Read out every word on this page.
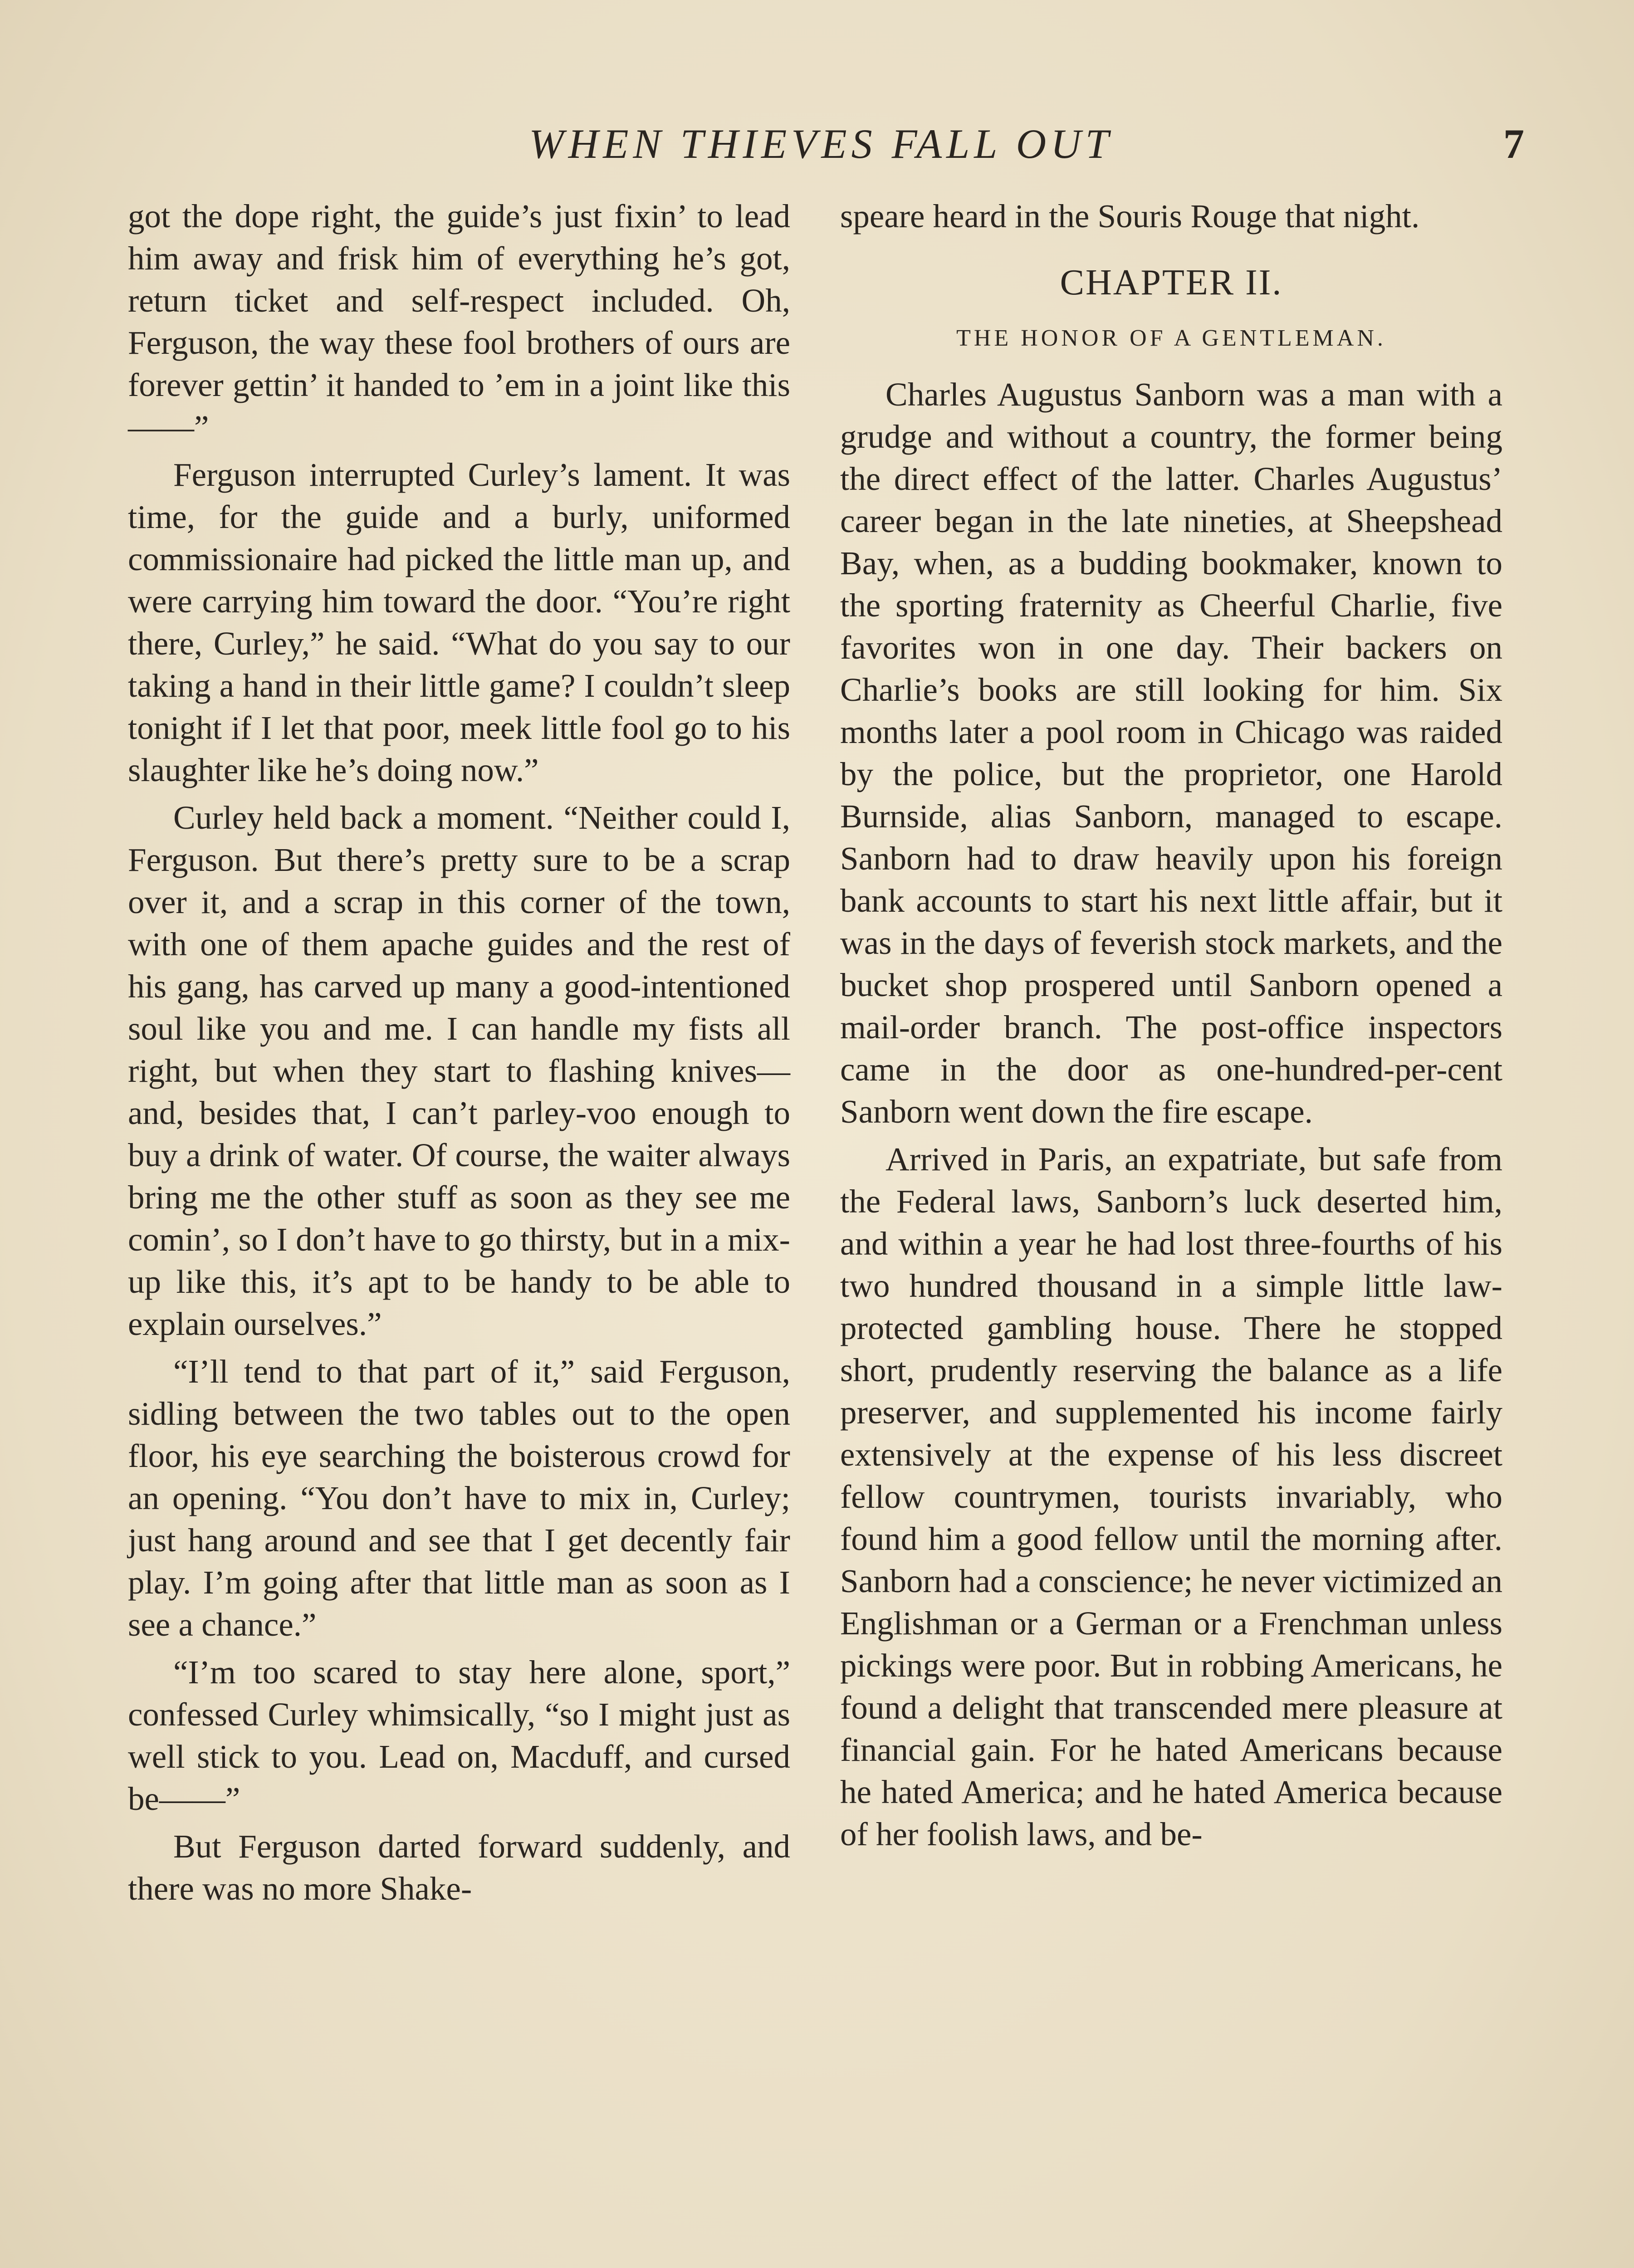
WHEN THIEVES FALL OUT	7

got the dope right, the guide’s just fixin’ to lead him away and frisk him of everything he’s got, return ticket and self-respect included. Oh, Ferguson, the way these fool brothers of ours are forever gettin’ it handed to ’em in a joint like this——”

Ferguson interrupted Curley’s lament. It was time, for the guide and a burly, uniformed commissionaire had picked the little man up, and were carrying him toward the door. “You’re right there, Curley,” he said. “What do you say to our taking a hand in their little game? I couldn’t sleep tonight if I let that poor, meek little fool go to his slaughter like he’s doing now.”

Curley held back a moment. “Neither could I, Ferguson. But there’s pretty sure to be a scrap over it, and a scrap in this corner of the town, with one of them apache guides and the rest of his gang, has carved up many a good-intentioned soul like you and me. I can handle my fists all right, but when they start to flashing knives—and, besides that, I can’t parley-voo enough to buy a drink of water. Of course, the waiter always bring me the other stuff as soon as they see me comin’, so I don’t have to go thirsty, but in a mix-up like this, it’s apt to be handy to be able to explain ourselves.”

“I’ll tend to that part of it,” said Ferguson, sidling between the two tables out to the open floor, his eye searching the boisterous crowd for an opening. “You don’t have to mix in, Curley; just hang around and see that I get decently fair play. I’m going after that little man as soon as I see a chance.”

“I’m too scared to stay here alone, sport,” confessed Curley whimsically, “so I might just as well stick to you. Lead on, Macduff, and cursed be——”

But Ferguson darted forward suddenly, and there was no more Shake-

speare heard in the Souris Rouge that night.

CHAPTER II.
THE HONOR OF A GENTLEMAN.

Charles Augustus Sanborn was a man with a grudge and without a country, the former being the direct effect of the latter. Charles Augustus’ career began in the late nineties, at Sheepshead Bay, when, as a budding bookmaker, known to the sporting fraternity as Cheerful Charlie, five favorites won in one day. Their backers on Charlie’s books are still looking for him. Six months later a pool room in Chicago was raided by the police, but the proprietor, one Harold Burnside, alias Sanborn, managed to escape. Sanborn had to draw heavily upon his foreign bank accounts to start his next little affair, but it was in the days of feverish stock markets, and the bucket shop prospered until Sanborn opened a mail-order branch. The post-office inspectors came in the door as one-hundred-per-cent Sanborn went down the fire escape.

Arrived in Paris, an expatriate, but safe from the Federal laws, Sanborn’s luck deserted him, and within a year he had lost three-fourths of his two hundred thousand in a simple little law-protected gambling house. There he stopped short, prudently reserving the balance as a life preserver, and supplemented his income fairly extensively at the expense of his less discreet fellow countrymen, tourists invariably, who found him a good fellow until the morning after. Sanborn had a conscience; he never victimized an Englishman or a German or a Frenchman unless pickings were poor. But in robbing Americans, he found a delight that transcended mere pleasure at financial gain. For he hated Americans because he hated America; and he hated America because of her foolish laws, and be-
